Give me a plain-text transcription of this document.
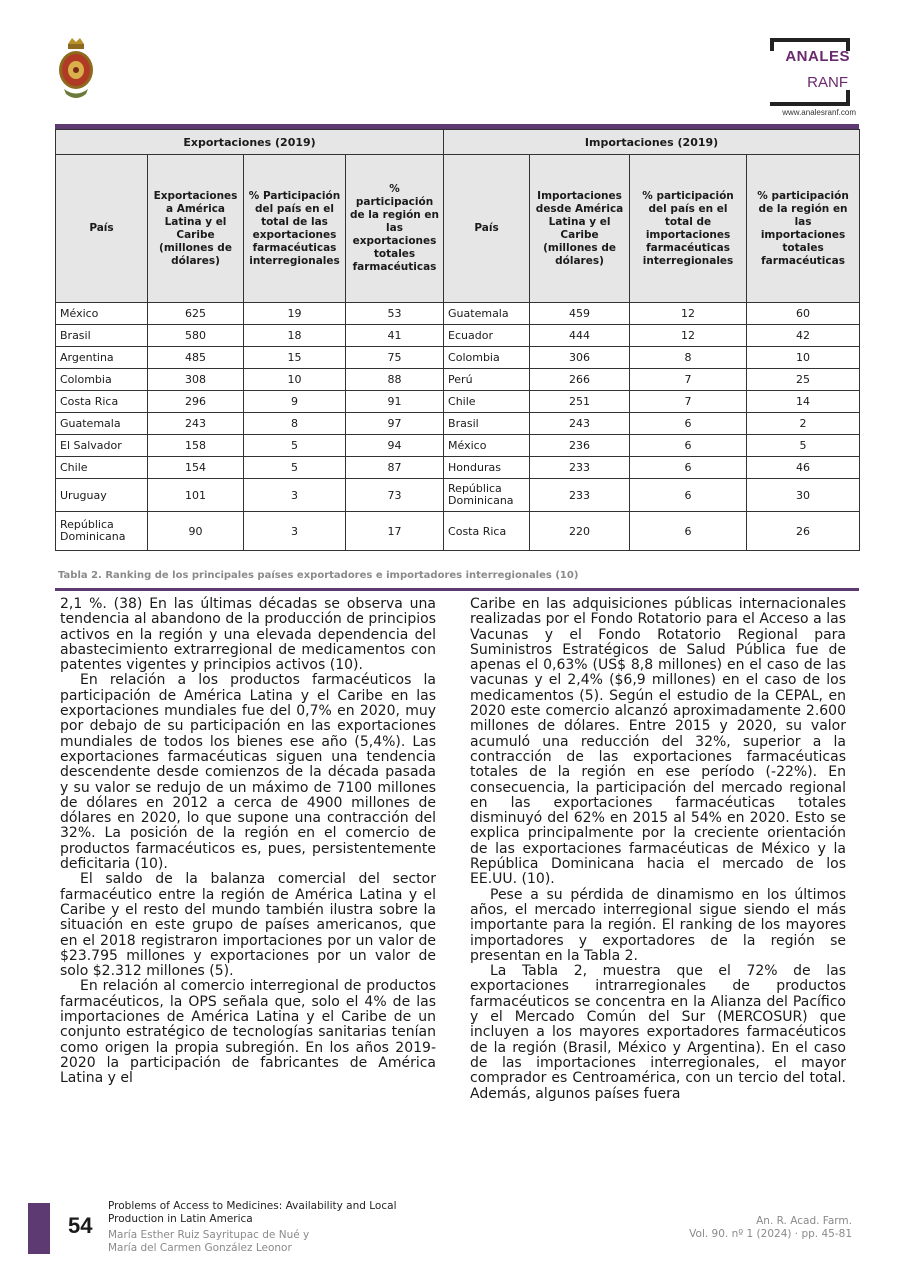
ANALES
RANF
www.analesranf.com
Exportaciones (2019)				Importaciones (2019)			
País	Exportaciones a América Latina y el Caribe (millones de dólares)	% Participación del país en el total de las exportaciones farmacéuticas interregionales	% participación de la región en las exportaciones totales farmacéuticas	País	Importaciones desde América Latina y el Caribe (millones de dólares)	% participación del país en el total de importaciones farmacéuticas interregionales	% participación de la región en las importaciones totales farmacéuticas
México	625	19	53	Guatemala	459	12	60
Brasil	580	18	41	Ecuador	444	12	42
Argentina	485	15	75	Colombia	306	8	10
Colombia	308	10	88	Perú	266	7	25
Costa Rica	296	9	91	Chile	251	7	14
Guatemala	243	8	97	Brasil	243	6	2
El Salvador	158	5	94	México	236	6	5
Chile	154	5	87	Honduras	233	6	46
Uruguay	101	3	73	República Dominicana	233	6	30
República Dominicana	90	3	17	Costa Rica	220	6	26
Tabla 2. Ranking de los principales países exportadores e importadores interregionales (10)

2,1 %. (38) En las últimas décadas se observa una tendencia al abandono de la producción de principios activos en la región y una elevada dependencia del abastecimiento extrarregional de medicamentos con patentes vigentes y principios activos (10).

En relación a los productos farmacéuticos la participación de América Latina y el Caribe en las exportaciones mundiales fue del 0,7% en 2020, muy por debajo de su participación en las exportaciones mundiales de todos los bienes ese año (5,4%). Las exportaciones farmacéuticas siguen una tendencia descendente desde comienzos de la década pasada y su valor se redujo de un máximo de 7100 millones de dólares en 2012 a cerca de 4900 millones de dólares en 2020, lo que supone una contracción del 32%. La posición de la región en el comercio de productos farmacéuticos es, pues, persistentemente deficitaria (10).

El saldo de la balanza comercial del sector farmacéutico entre la región de América Latina y el Caribe y el resto del mundo también ilustra sobre la situación en este grupo de países americanos, que en el 2018 registraron importaciones por un valor de $23.795 millones y exportaciones por un valor de solo $2.312 millones (5).

En relación al comercio interregional de productos farmacéuticos, la OPS señala que, solo el 4% de las importaciones de América Latina y el Caribe de un conjunto estratégico de tecnologías sanitarias tenían como origen la propia subregión. En los años 2019-2020 la participación de fabricantes de América Latina y el

Caribe en las adquisiciones públicas internacionales realizadas por el Fondo Rotatorio para el Acceso a las Vacunas y el Fondo Rotatorio Regional para Suministros Estratégicos de Salud Pública fue de apenas el 0,63% (US$ 8,8 millones) en el caso de las vacunas y el 2,4% ($6,9 millones) en el caso de los medicamentos (5). Según el estudio de la CEPAL, en 2020 este comercio alcanzó aproximadamente 2.600 millones de dólares. Entre 2015 y 2020, su valor acumuló una reducción del 32%, superior a la contracción de las exportaciones farmacéuticas totales de la región en ese período (-22%). En consecuencia, la participación del mercado regional en las exportaciones farmacéuticas totales disminuyó del 62% en 2015 al 54% en 2020. Esto se explica principalmente por la creciente orientación de las exportaciones farmacéuticas de México y la República Dominicana hacia el mercado de los EE.UU. (10).

Pese a su pérdida de dinamismo en los últimos años, el mercado interregional sigue siendo el más importante para la región. El ranking de los mayores importadores y exportadores de la región se presentan en la Tabla 2.

La Tabla 2, muestra que el 72% de las exportaciones intrarregionales de productos farmacéuticos se concentra en la Alianza del Pacífico y el Mercado Común del Sur (MERCOSUR) que incluyen a los mayores exportadores farmacéuticos de la región (Brasil, México y Argentina). En el caso de las importaciones interregionales, el mayor comprador es Centroamérica, con un tercio del total. Además, algunos países fuera

54
Problems of Access to Medicines: Availability and Local
Production in Latin America
María Esther Ruiz Sayritupac de Nué y
María del Carmen González Leonor
An. R. Acad. Farm.
Vol. 90. nº 1 (2024) · pp. 45-81
